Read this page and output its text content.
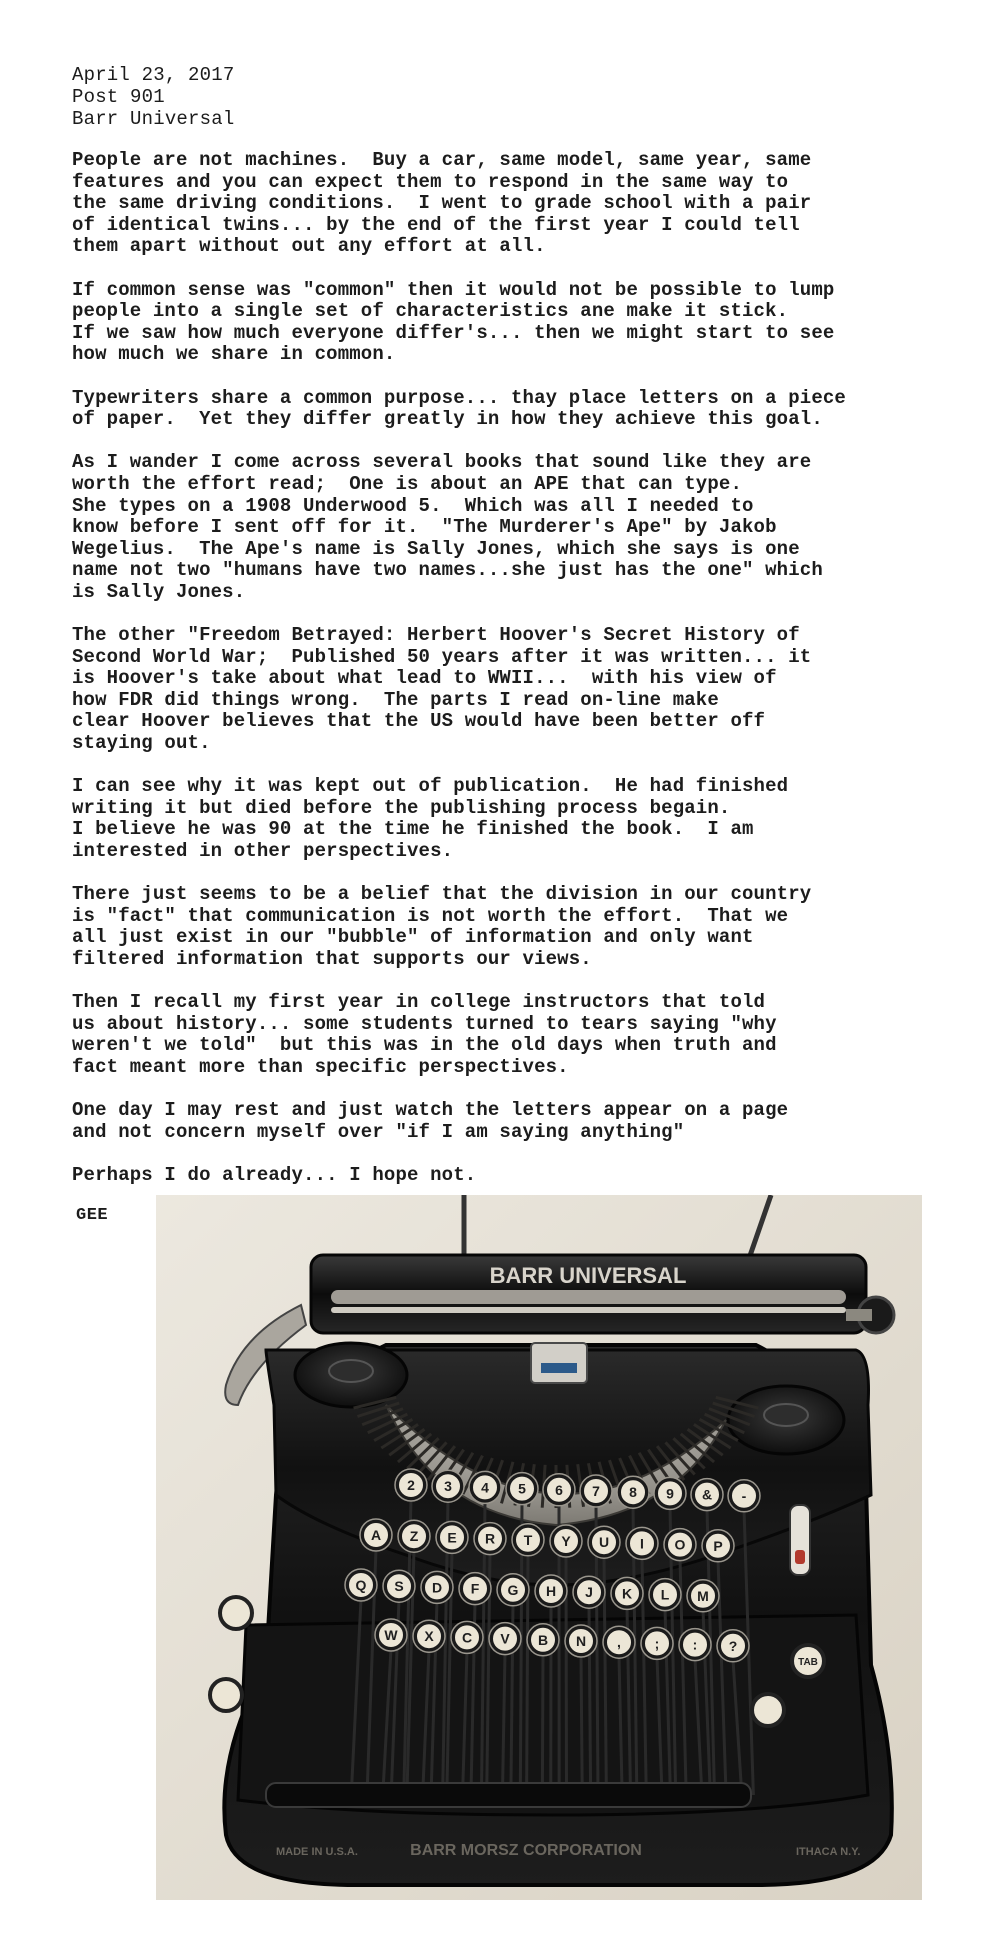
April 23, 2017
Post 901
Barr Universal
People are not machines.  Buy a car, same model, same year, same
features and you can expect them to respond in the same way to
the same driving conditions.  I went to grade school with a pair
of identical twins... by the end of the first year I could tell
them apart without out any effort at all.
If common sense was "common" then it would not be possible to lump
people into a single set of characteristics ane make it stick.
If we saw how much everyone differ's... then we might start to see
how much we share in common.
Typewriters share a common purpose... thay place letters on a piece
of paper.  Yet they differ greatly in how they achieve this goal.
As I wander I come across several books that sound like they are
worth the effort read;  One is about an APE that can type.
She types on a 1908 Underwood 5.  Which was all I needed to
know before I sent off for it.  "The Murderer's Ape" by Jakob
Wegelius.  The Ape's name is Sally Jones, which she says is one
name not two "humans have two names...she just has the one" which
is Sally Jones.
The other "Freedom Betrayed: Herbert Hoover's Secret History of
Second World War;  Published 50 years after it was written... it
is Hoover's take about what lead to WWII...  with his view of
how FDR did things wrong.  The parts I read on-line make
clear Hoover believes that the US would have been better off
staying out.
I can see why it was kept out of publication.  He had finished
writing it but died before the publishing process begain.
I believe he was 90 at the time he finished the book.  I am
interested in other perspectives.
There just seems to be a belief that the division in our country
is "fact" that communication is not worth the effort.  That we
all just exist in our "bubble" of information and only want
filtered information that supports our views.
Then I recall my first year in college instructors that told
us about history... some students turned to tears saying "why
weren't we told"  but this was in the old days when truth and
fact meant more than specific perspectives.
One day I may rest and just watch the letters appear on a page
and not concern myself over "if I am saying anything"
Perhaps I do already... I hope not.
GEE
BARR UNIVERSAL
2 3 4 5 6 7 8 9 & -
A Z E R T Y U I O P
Q S D F G H J K L M
W X C V B N , ; : ?
TAB
MADE IN U.S.A.	BARR MORSZ CORPORATION	ITHACA N.Y.
